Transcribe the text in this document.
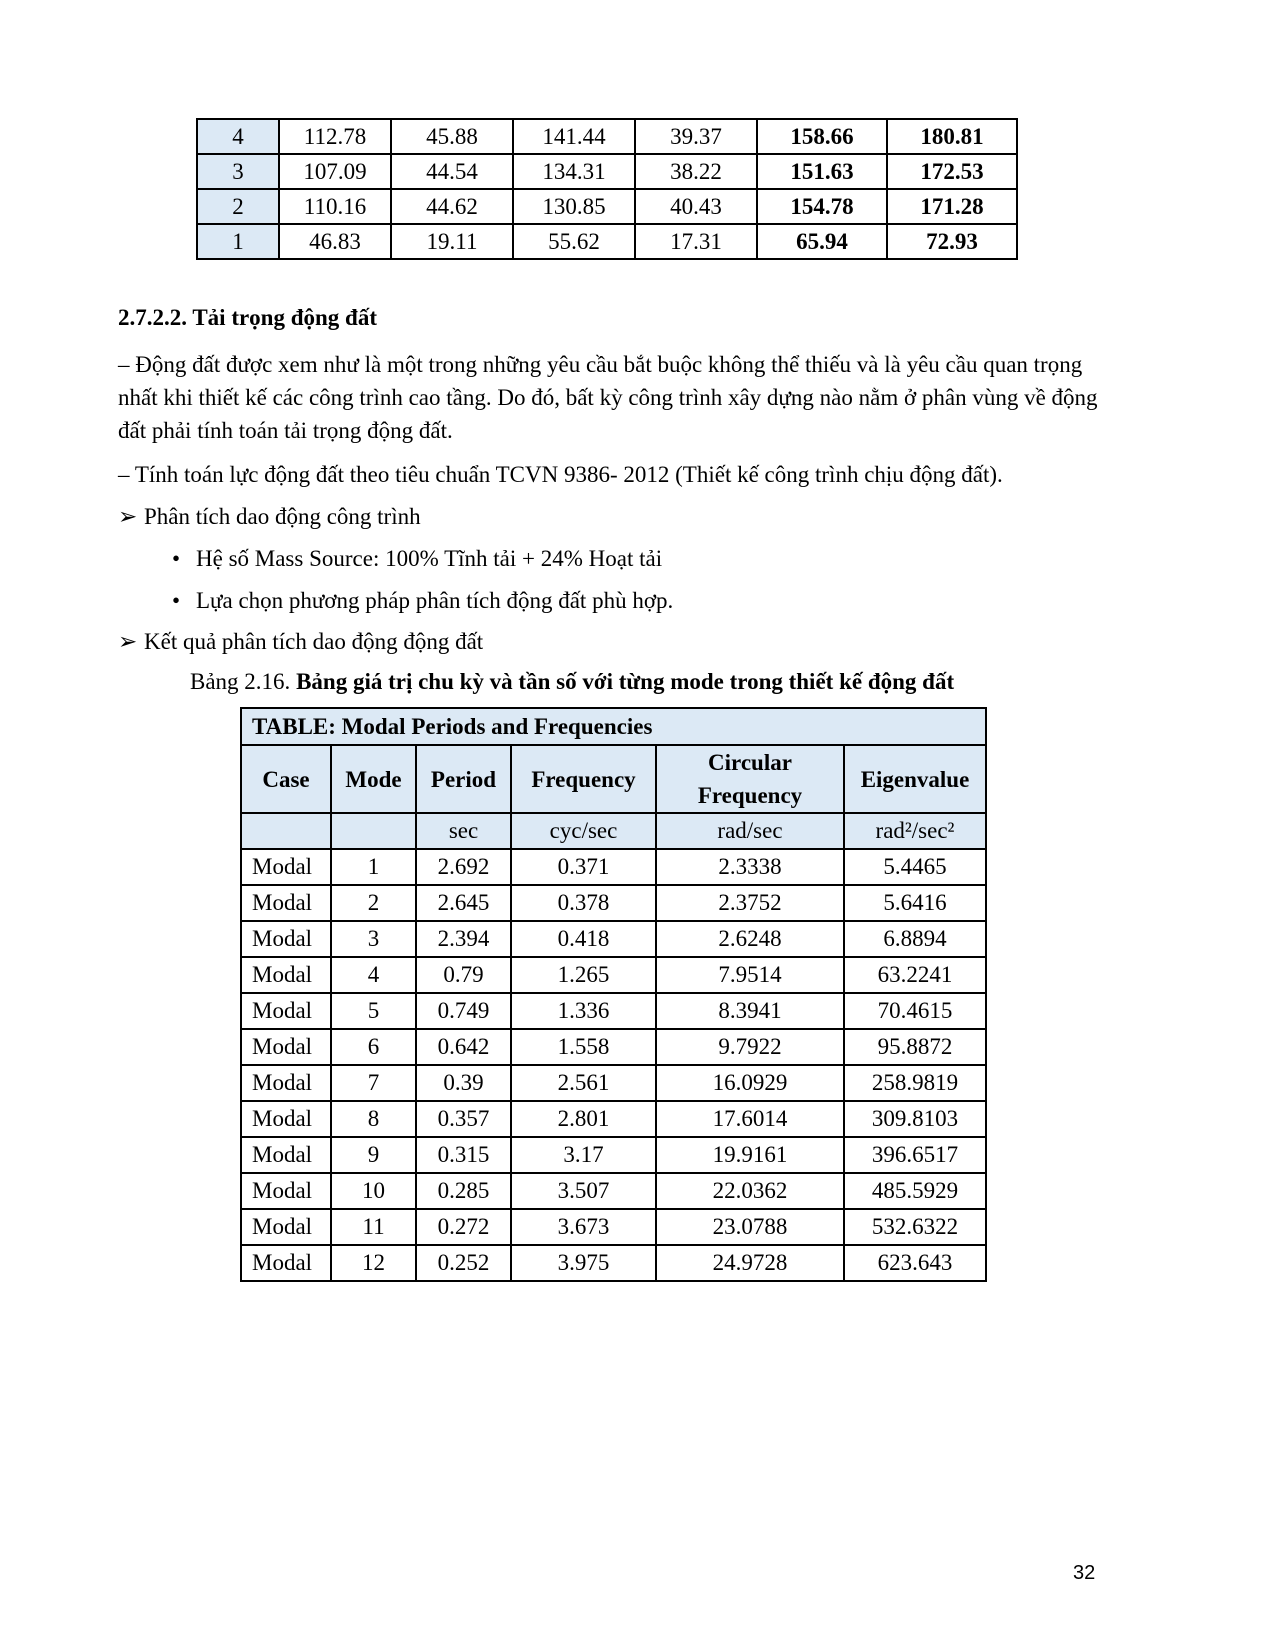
4	112.78	45.88	141.44	39.37	158.66	180.81
3	107.09	44.54	134.31	38.22	151.63	172.53
2	110.16	44.62	130.85	40.43	154.78	171.28
1	46.83	19.11	55.62	17.31	65.94	72.93
2.7.2.2. Tải trọng động đất
– Động đất được xem như là một trong những yêu cầu bắt buộc không thể thiếu và là yêu cầu quan trọng nhất khi thiết kế các công trình cao tầng. Do đó, bất kỳ công trình xây dựng nào nằm ở phân vùng về động đất phải tính toán tải trọng động đất.
– Tính toán lực động đất theo tiêu chuẩn TCVN 9386- 2012 (Thiết kế công trình chịu động đất).
➢ Phân tích dao động công trình
• Hệ số Mass Source: 100% Tĩnh tải + 24% Hoạt tải
• Lựa chọn phương pháp phân tích động đất phù hợp.
➢ Kết quả phân tích dao động động đất
Bảng 2.16. Bảng giá trị chu kỳ và tần số với từng mode trong thiết kế động đất
TABLE: Modal Periods and Frequencies					
Case	Mode	Period	Frequency	Circular Frequency	Eigenvalue
		sec	cyc/sec	rad/sec	rad²/sec²
Modal	1	2.692	0.371	2.3338	5.4465
Modal	2	2.645	0.378	2.3752	5.6416
Modal	3	2.394	0.418	2.6248	6.8894
Modal	4	0.79	1.265	7.9514	63.2241
Modal	5	0.749	1.336	8.3941	70.4615
Modal	6	0.642	1.558	9.7922	95.8872
Modal	7	0.39	2.561	16.0929	258.9819
Modal	8	0.357	2.801	17.6014	309.8103
Modal	9	0.315	3.17	19.9161	396.6517
Modal	10	0.285	3.507	22.0362	485.5929
Modal	11	0.272	3.673	23.0788	532.6322
Modal	12	0.252	3.975	24.9728	623.643
32
